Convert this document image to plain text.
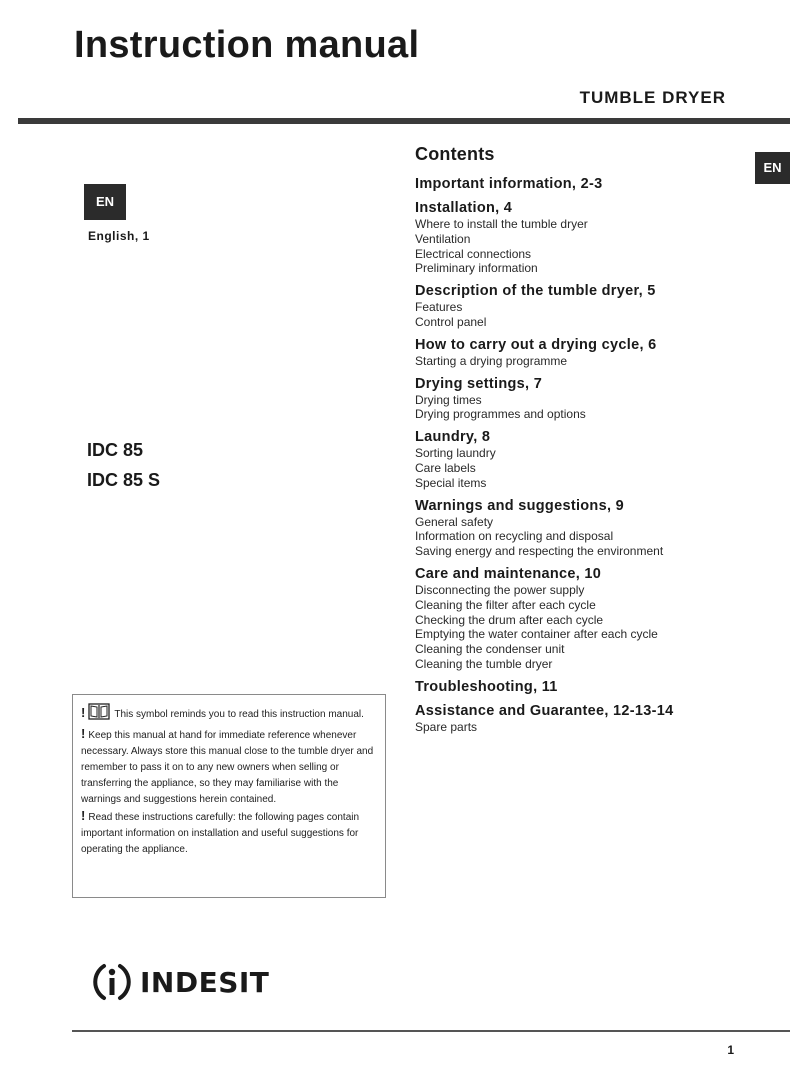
Instruction manual
TUMBLE DRYER
EN
English, 1
EN
IDC 85
IDC 85 S
Contents
Important information, 2-3
Installation, 4
Where to install the tumble dryer
Ventilation
Electrical connections
Preliminary information
Description of the tumble dryer, 5
Features
Control panel
How to carry out a drying cycle, 6
Starting a drying programme
Drying settings, 7
Drying times
Drying programmes and options
Laundry, 8
Sorting laundry
Care labels
Special items
Warnings and suggestions, 9
General safety
Information on recycling and disposal
Saving energy and respecting the environment
Care and maintenance, 10
Disconnecting the power supply
Cleaning the filter after each cycle
Checking the drum after each cycle
Emptying the water container after each cycle
Cleaning the condenser unit
Cleaning the tumble dryer
Troubleshooting, 11
Assistance and Guarantee, 12-13-14
Spare parts

!	This symbol reminds you to read this instruction manual.

! Keep this manual at hand for immediate reference whenever necessary. Always store this manual close to the tumble dryer and remember to pass it on to any new owners when selling or transferring the appliance, so they may familiarise with the warnings and suggestions herein contained.

! Read these instructions carefully: the following pages contain important information on installation and useful suggestions for operating the appliance.

INDESIT
1
